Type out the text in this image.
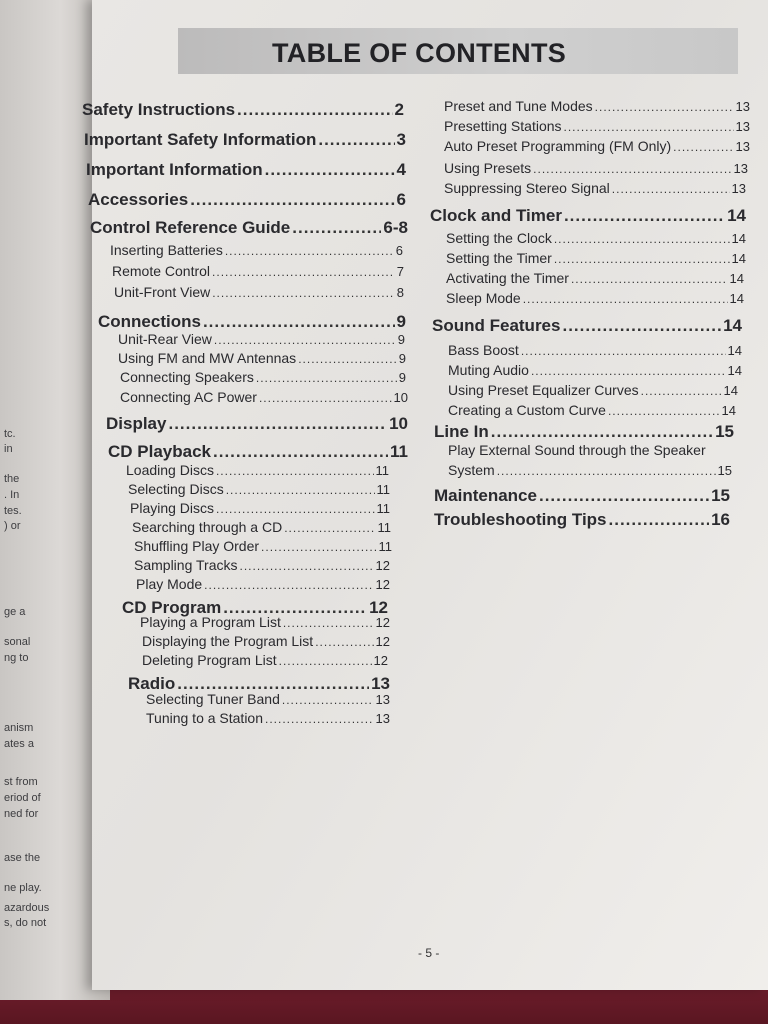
tc.
in
the
. In
tes.
) or
ge a
sonal
ng to
anism
ates a
st from
eriod of
ned for
ase the
ne play.
azardous
s, do not
TABLE OF CONTENTS
Safety Instructions .....	2
Important Safety Information .....	3
Important Information .....	4
Accessories .....	6
Control Reference Guide .....	6-8
Inserting Batteries .....	6
Remote Control .....	7
Unit-Front View .....	8
Connections .....	9
Unit-Rear View .....	9
Using FM and MW Antennas .....	9
Connecting Speakers .....	9
Connecting AC Power .....	10
Display .....	10
CD Playback .....	11
Loading Discs .....	11
Selecting Discs .....	11
Playing Discs .....	11
Searching through a CD .....	11
Shuffling Play Order .....	11
Sampling Tracks .....	12
Play Mode .....	12
CD Program .....	12
Playing a Program List .....	12
Displaying the Program List .....	12
Deleting Program List .....	12
Radio .....	13
Selecting Tuner Band .....	13
Tuning to a Station .....	13
Preset and Tune Modes .....	13
Presetting Stations .....	13
Auto Preset Programming (FM Only) .....	13
Using Presets .....	13
Suppressing Stereo Signal .....	13
Clock and Timer .....	14
Setting the Clock .....	14
Setting the Timer .....	14
Activating the Timer .....	14
Sleep Mode .....	14
Sound Features .....	14
Bass Boost .....	14
Muting Audio .....	14
Using Preset Equalizer Curves .....	14
Creating a Custom Curve .....	14
Line In .....	15
Play External Sound through the Speaker
System .....	15
Maintenance .....	15
Troubleshooting Tips .....	16
- 5 -
